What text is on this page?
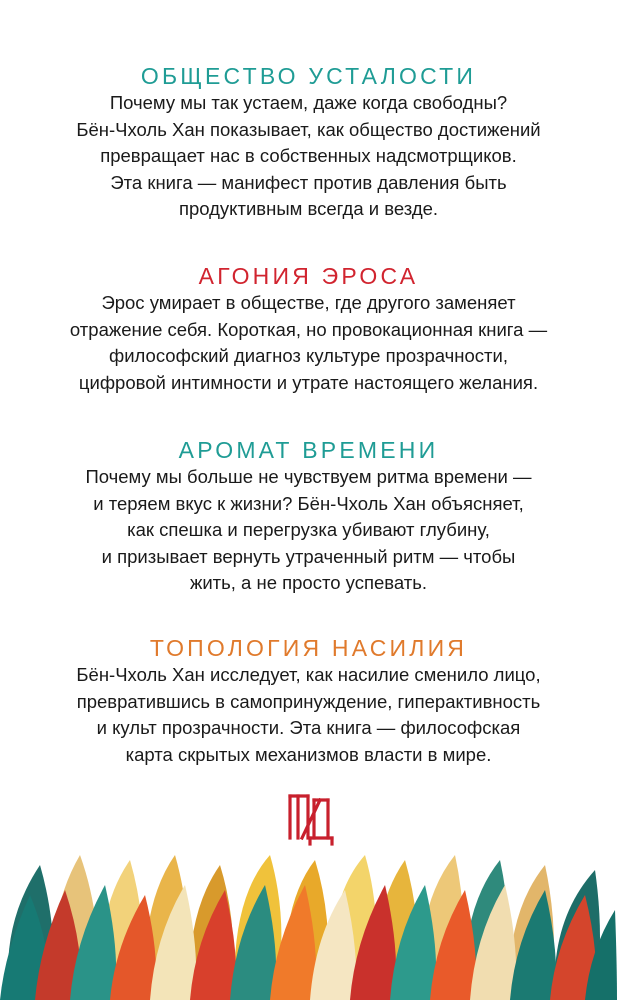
ОБЩЕСТВО УСТАЛОСТИ

Почему мы так устаем, даже когда свободны?
Бён-Чхоль Хан показывает, как общество достижений
превращает нас в собственных надсмотрщиков.
Эта книга — манифест против давления быть
продуктивным всегда и везде.

АГОНИЯ ЭРОСА

Эрос умирает в обществе, где другого заменяет
отражение себя. Короткая, но провокационная книга —
философский диагноз культуре прозрачности,
цифровой интимности и утрате настоящего желания.

АРОМАТ ВРЕМЕНИ

Почему мы больше не чувствуем ритма времени —
и теряем вкус к жизни? Бён-Чхоль Хан объясняет,
как спешка и перегрузка убивают глубину,
и призывает вернуть утраченный ритм — чтобы
жить, а не просто успевать.

ТОПОЛОГИЯ НАСИЛИЯ

Бён-Чхоль Хан исследует, как насилие сменило лицо,
превратившись в самопринуждение, гиперактивность
и культ прозрачности. Эта книга — философская
карта скрытых механизмов власти в мире.
